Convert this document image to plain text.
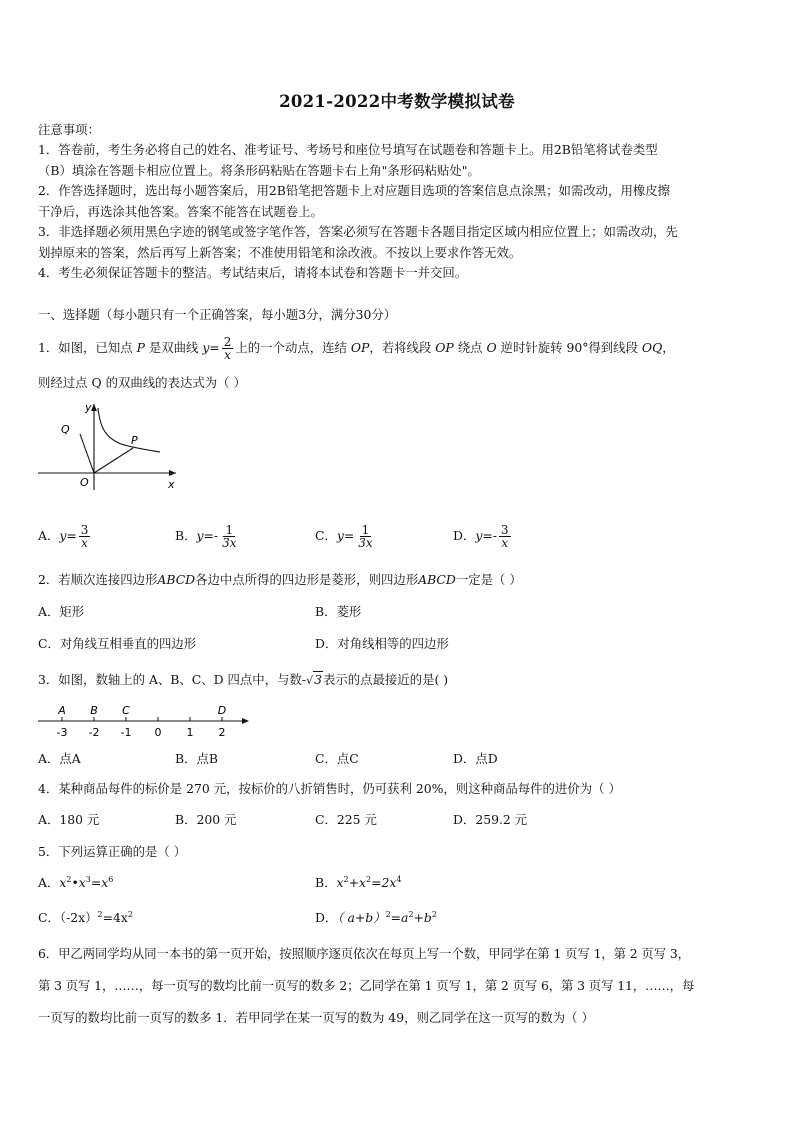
2021-2022中考数学模拟试卷
注意事项：
1．答卷前，考生务必将自己的姓名、准考证号、考场号和座位号填写在试题卷和答题卡上。用2B铅笔将试卷类型
（B）填涂在答题卡相应位置上。将条形码粘贴在答题卡右上角"条形码粘贴处"。
2．作答选择题时，选出每小题答案后，用2B铅笔把答题卡上对应题目选项的答案信息点涂黑；如需改动，用橡皮擦
干净后，再选涂其他答案。答案不能答在试题卷上。
3．非选择题必须用黑色字迹的钢笔或签字笔作答，答案必须写在答题卡各题目指定区域内相应位置上；如需改动，先
划掉原来的答案，然后再写上新答案；不准使用铅笔和涂改液。不按以上要求作答无效。
4．考生必须保证答题卡的整洁。考试结束后，请将本试卷和答题卡一并交回。
一、选择题（每小题只有一个正确答案，每小题3分，满分30分）
1．如图，已知点 P 是双曲线 $y= \frac{2}{x}$ 上的一个动点，连结 OP，若将线段 OP 绕点 O 逆时针旋转 90°得到线段 OQ，
则经过点 Q 的双曲线的表达式为（ ）
y
x
Q
P
O
A．$y= \frac{3}{x}$	B．$y=- \frac{1}{3x}$	C．$y= \frac{1}{3x}$	D．$y=- \frac{3}{x}$
2．若顺次连接四边形ABCD各边中点所得的四边形是菱形，则四边形ABCD一定是（ ）
A．矩形	B．菱形
C．对角线互相垂直的四边形	D．对角线相等的四边形
3．如图，数轴上的 A、B、C、D 四点中，与数-√3表示的点最接近的是( )
-3 -2 -1 0 1 2
A B C	D
A．点A	B．点B	C．点C	D．点D
4．某种商品每件的标价是 270 元，按标价的八折销售时，仍可获利 20%，则这种商品每件的进价为（ ）
A．180 元	B．200 元	C．225 元	D．259.2 元
5．下列运算正确的是（ ）
A．$x^2•x^3=x^6$	B．$x^2+x^2=2x^4$
C．$(-2x)^2=4x^2$	D．（ $a+b)^2=a^2+b^2$
6．甲乙两同学均从同一本书的第一页开始，按照顺序逐页依次在每页上写一个数，甲同学在第 1 页写 1，第 2 页写 3，
第 3 页写 1，……，每一页写的数均比前一页写的数多 2；乙同学在第 1 页写 1，第 2 页写 6，第 3 页写 11，……，每
一页写的数均比前一页写的数多 1．若甲同学在某一页写的数为 49，则乙同学在这一页写的数为（ ）
